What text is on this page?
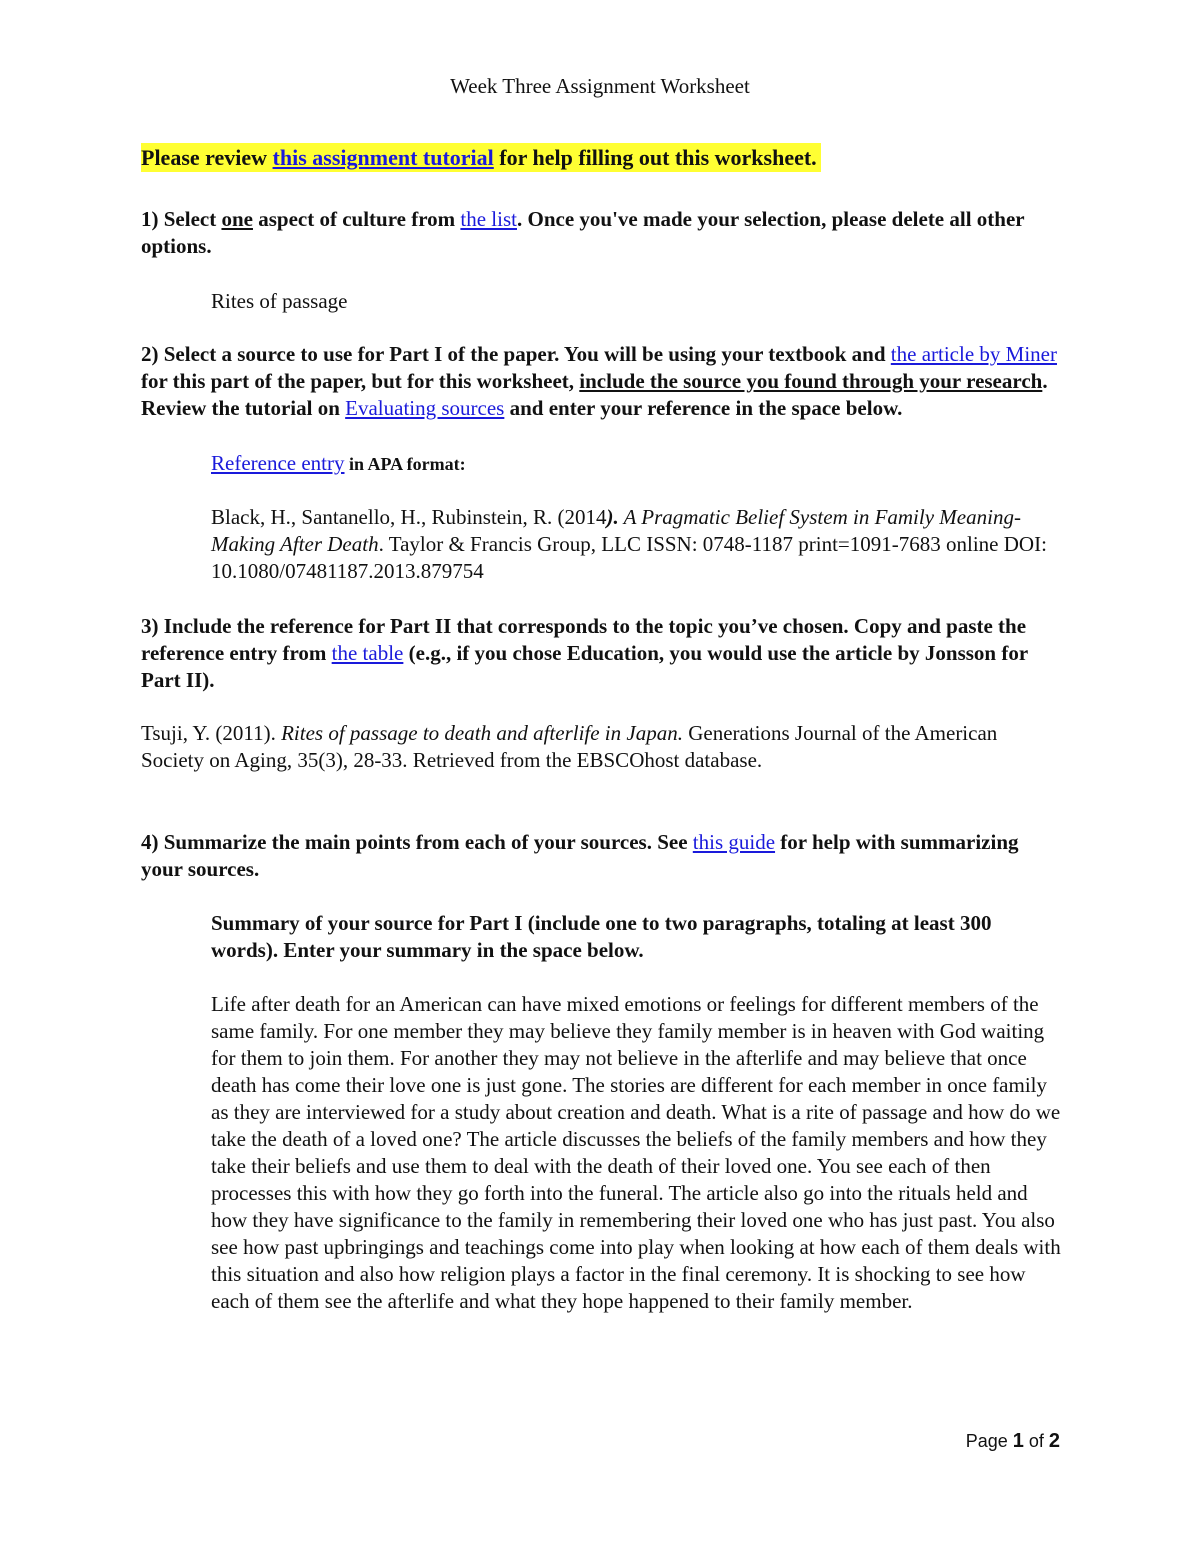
Week Three Assignment Worksheet
Please review this assignment tutorial for help filling out this worksheet.
1) Select one aspect of culture from the list. Once you've made your selection, please delete all other options.
Rites of passage
2) Select a source to use for Part I of the paper. You will be using your textbook and the article by Miner for this part of the paper, but for this worksheet, include the source you found through your research. Review the tutorial on Evaluating sources and enter your reference in the space below.
Reference entry in APA format:
Black, H., Santanello, H., Rubinstein, R. (2014). A Pragmatic Belief System in Family Meaning-Making After Death. Taylor & Francis Group, LLC ISSN: 0748-1187 print=1091-7683 online DOI: 10.1080/07481187.2013.879754
3) Include the reference for Part II that corresponds to the topic you’ve chosen. Copy and paste the reference entry from the table (e.g., if you chose Education, you would use the article by Jonsson for Part II).
Tsuji, Y. (2011). Rites of passage to death and afterlife in Japan. Generations Journal of the American Society on Aging, 35(3), 28-33. Retrieved from the EBSCOhost database.
4) Summarize the main points from each of your sources. See this guide for help with summarizing your sources.
Summary of your source for Part I (include one to two paragraphs, totaling at least 300 words). Enter your summary in the space below.
Life after death for an American can have mixed emotions or feelings for different members of the same family. For one member they may believe they family member is in heaven with God waiting for them to join them. For another they may not believe in the afterlife and may believe that once death has come their love one is just gone. The stories are different for each member in once family as they are interviewed for a study about creation and death. What is a rite of passage and how do we take the death of a loved one? The article discusses the beliefs of the family members and how they take their beliefs and use them to deal with the death of their loved one. You see each of then processes this with how they go forth into the funeral. The article also go into the rituals held and how they have significance to the family in remembering their loved one who has just past. You also see how past upbringings and teachings come into play when looking at how each of them deals with this situation and also how religion plays a factor in the final ceremony. It is shocking to see how each of them see the afterlife and what they hope happened to their family member.
Page 1 of 2
